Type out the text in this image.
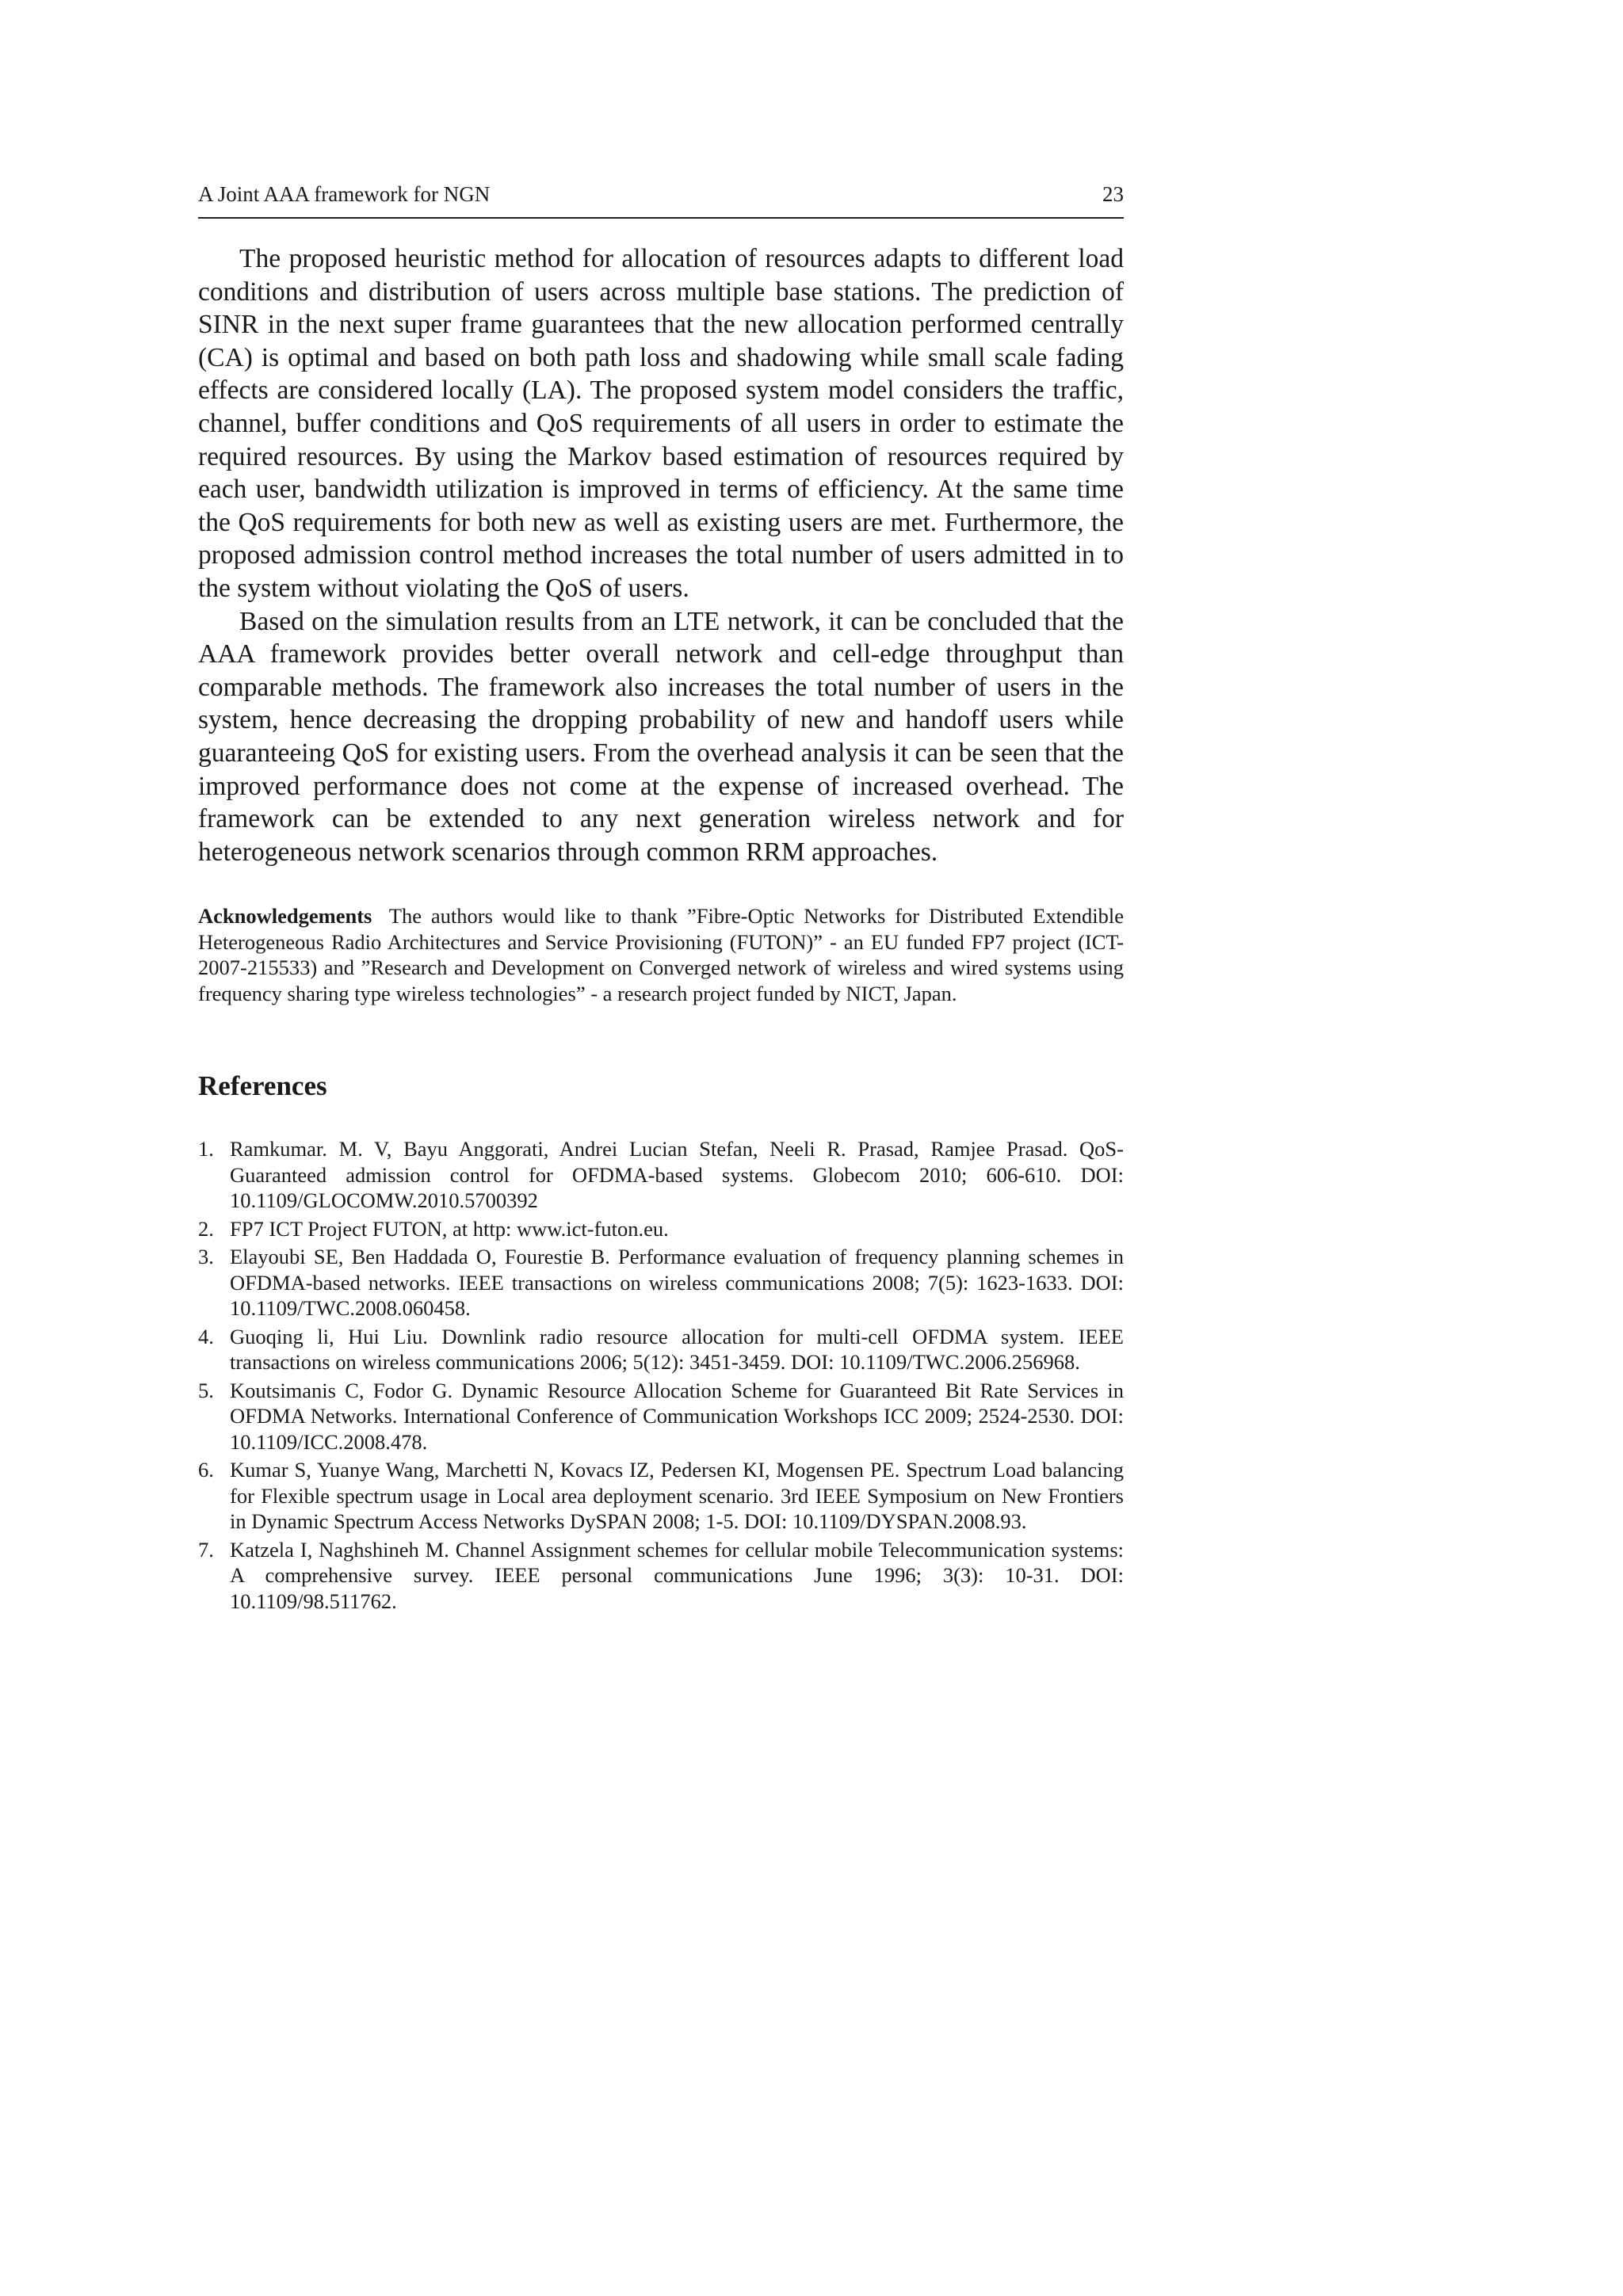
A Joint AAA framework for NGN	23

The proposed heuristic method for allocation of resources adapts to different load conditions and distribution of users across multiple base stations. The prediction of SINR in the next super frame guarantees that the new allocation performed centrally (CA) is optimal and based on both path loss and shadowing while small scale fading effects are considered locally (LA). The proposed system model considers the traffic, channel, buffer conditions and QoS requirements of all users in order to estimate the required resources. By using the Markov based estimation of resources required by each user, bandwidth utilization is improved in terms of efficiency. At the same time the QoS requirements for both new as well as existing users are met. Furthermore, the proposed admission control method increases the total number of users admitted in to the system without violating the QoS of users.

Based on the simulation results from an LTE network, it can be concluded that the AAA framework provides better overall network and cell-edge throughput than comparable methods. The framework also increases the total number of users in the system, hence decreasing the dropping probability of new and handoff users while guaranteeing QoS for existing users. From the overhead analysis it can be seen that the improved performance does not come at the expense of increased overhead. The framework can be extended to any next generation wireless network and for heterogeneous network scenarios through common RRM approaches.

Acknowledgements The authors would like to thank ”Fibre-Optic Networks for Distributed Extendible Heterogeneous Radio Architectures and Service Provisioning (FUTON)” - an EU funded FP7 project (ICT-2007-215533) and ”Research and Development on Converged network of wireless and wired systems using frequency sharing type wireless technologies” - a research project funded by NICT, Japan.
References
1. Ramkumar. M. V, Bayu Anggorati, Andrei Lucian Stefan, Neeli R. Prasad, Ramjee Prasad. QoS-Guaranteed admission control for OFDMA-based systems. Globecom 2010; 606-610. DOI: 10.1109/GLOCOMW.2010.5700392
2. FP7 ICT Project FUTON, at http: www.ict-futon.eu.
3. Elayoubi SE, Ben Haddada O, Fourestie B. Performance evaluation of frequency planning schemes in OFDMA-based networks. IEEE transactions on wireless communications 2008; 7(5): 1623-1633. DOI: 10.1109/TWC.2008.060458.
4. Guoqing li, Hui Liu. Downlink radio resource allocation for multi-cell OFDMA system. IEEE transactions on wireless communications 2006; 5(12): 3451-3459. DOI: 10.1109/TWC.2006.256968.
5. Koutsimanis C, Fodor G. Dynamic Resource Allocation Scheme for Guaranteed Bit Rate Services in OFDMA Networks. International Conference of Communication Workshops ICC 2009; 2524-2530. DOI: 10.1109/ICC.2008.478.
6. Kumar S, Yuanye Wang, Marchetti N, Kovacs IZ, Pedersen KI, Mogensen PE. Spectrum Load balancing for Flexible spectrum usage in Local area deployment scenario. 3rd IEEE Symposium on New Frontiers in Dynamic Spectrum Access Networks DySPAN 2008; 1-5. DOI: 10.1109/DYSPAN.2008.93.
7. Katzela I, Naghshineh M. Channel Assignment schemes for cellular mobile Telecommunication systems: A comprehensive survey. IEEE personal communications June 1996; 3(3): 10-31. DOI: 10.1109/98.511762.
